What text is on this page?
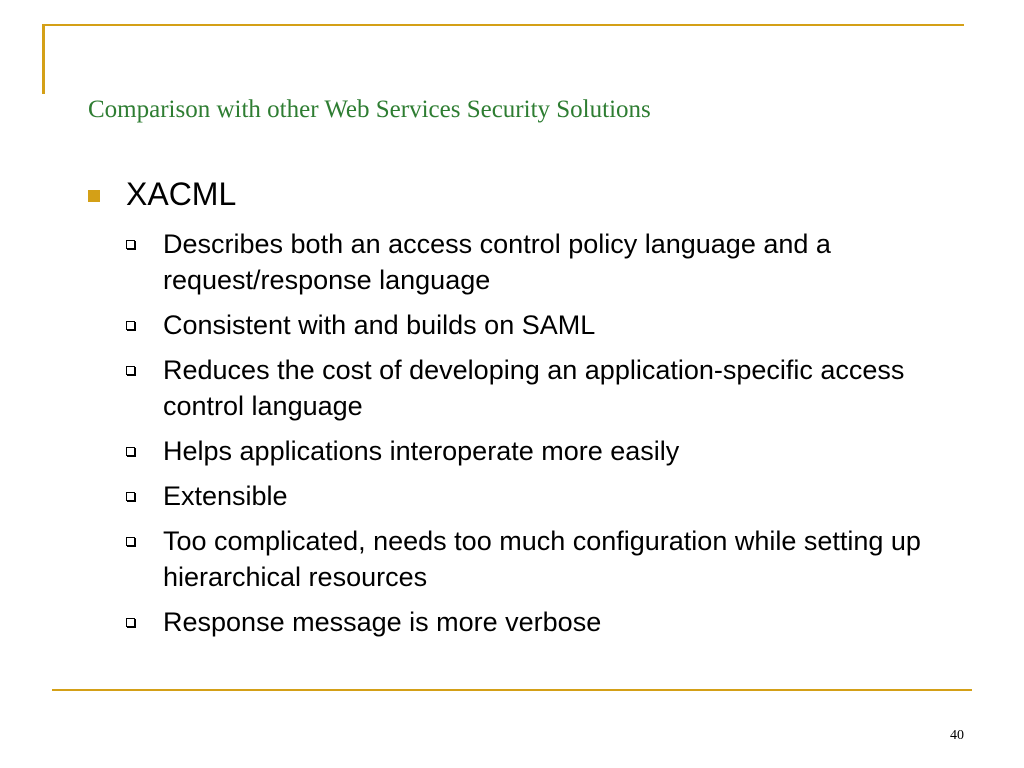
Comparison with other Web Services Security Solutions
XACML
Describes both an access control policy language and a request/response language
Consistent with and builds on SAML
Reduces the cost of developing an application-specific access control language
Helps applications interoperate more easily
Extensible
Too complicated, needs too much configuration while setting up hierarchical resources
Response message is more verbose
40
